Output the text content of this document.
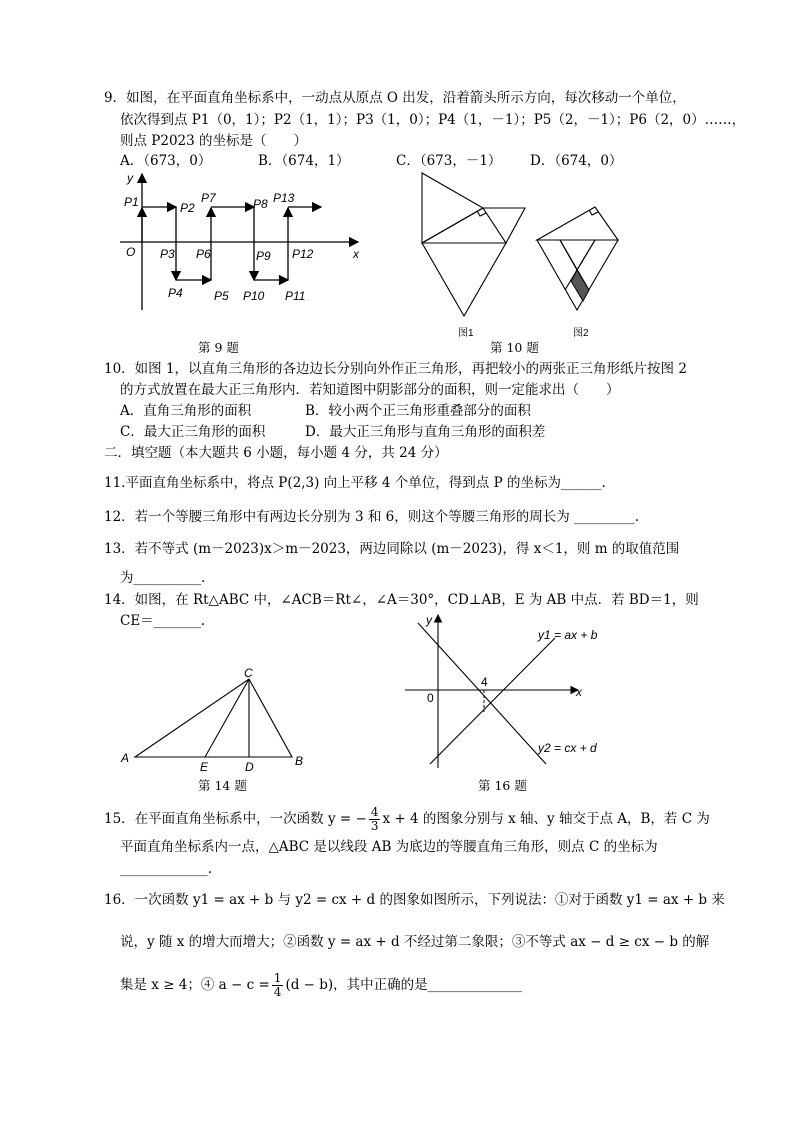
9．如图，在平面直角坐标系中，一动点从原点 O 出发，沿着箭头所示方向，每次移动一个单位，
依次得到点 P1（0，1）；P2（1，1）；P3（1，0）；P4（1，－1）；P5（2，－1）；P6（2，0）……，
则点 P2023 的坐标是（　　）
A．（673，0）	B．（674，1）	C．（673，－1） D．（674，0）
y
x
O
P1	P2
P3
P4	P5
P6
P7	P8
P9
P10 P11
P12
P13
第 9 题
图1	图2
第 10 题
10．如图 1，以直角三角形的各边边长分别向外作正三角形，再把较小的两张正三角形纸片按图 2
的方式放置在最大正三角形内．若知道图中阴影部分的面积，则一定能求出（　　）
A．直角三角形的面积	B．较小两个正三角形重叠部分的面积
C．最大正三角形的面积	D．最大正三角形与直角三角形的面积差
二．填空题（本大题共 6 小题，每小题 4 分，共 24 分）
11.平面直角坐标系中，将点 P(2,3) 向上平移 4 个单位，得到点 P 的坐标为______.
12．若一个等腰三角形中有两边长分别为 3 和 6，则这个等腰三角形的周长为 _________.
13．若不等式 (m－2023)x＞m－2023，两边同除以 (m－2023)，得 x＜1，则 m 的取值范围
为__________.
14．如图，在 Rt△ABC 中，∠ACB＝Rt∠，∠A＝30°，CD⊥AB，E 为 AB 中点．若 BD＝1，则
CE＝_______.
A	B
C
D
E
第 14 题
y
x
0
4
y1 = ax + b
y2 = cx + d
第 16 题
15．在平面直角坐标系中，一次函数 y = − $\frac{4}{3}$ x + 4 的图象分别与 x 轴、y 轴交于点 A，B，若 C 为
平面直角坐标系内一点，△ABC 是以线段 AB 为底边的等腰直角三角形，则点 C 的坐标为
_____________.
16．一次函数 y1 = ax + b 与 y2 = cx + d 的图象如图所示，下列说法：①对于函数 y1 = ax + b 来
说，y 随 x 的增大而增大；②函数 y = ax + d 不经过第二象限；③不等式 ax − d ≥ cx − b 的解
集是 x ≥ 4；④ $a - c = \frac{1}{4} (d - b)$，其中正确的是______________
